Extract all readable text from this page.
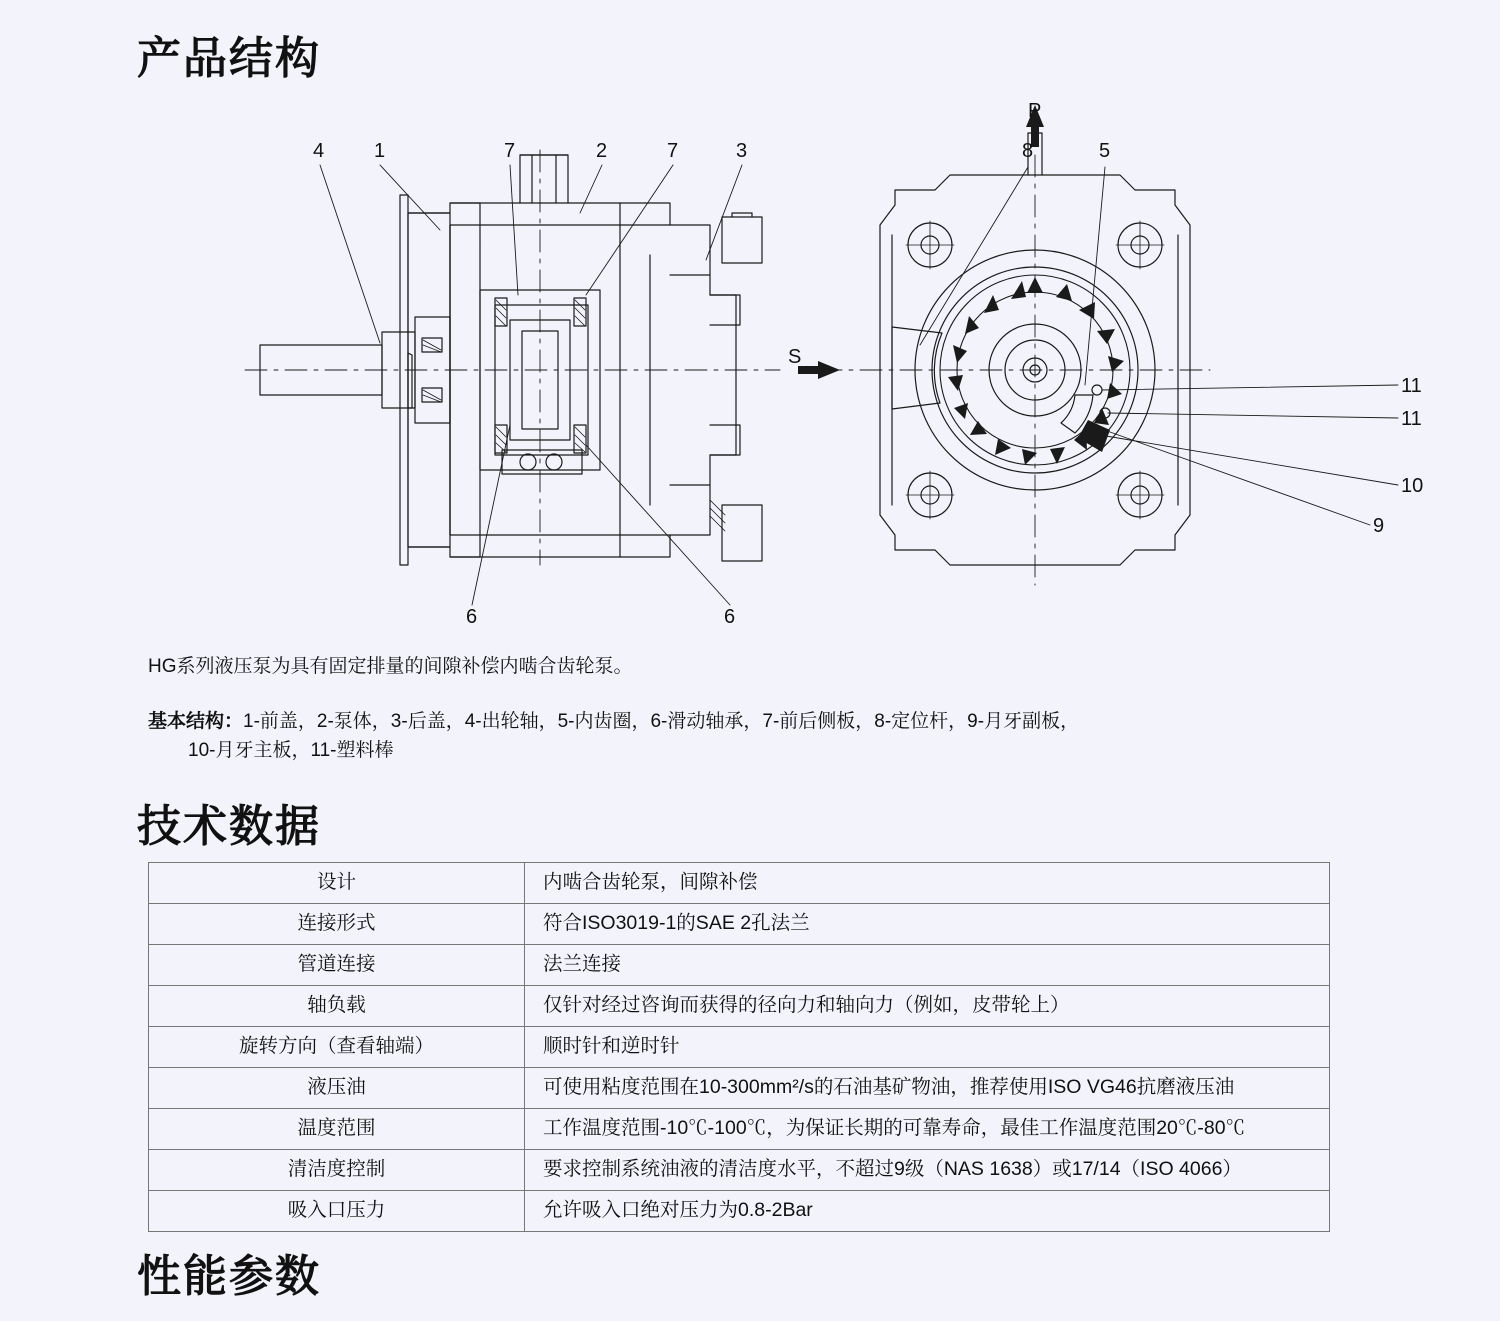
产品结构
4 1	7	2	7	3
6	6
8	5
11
11
10
9
P
S
HG系列液压泵为具有固定排量的间隙补偿内啮合齿轮泵。
基本结构：1-前盖，2-泵体，3-后盖，4-出轮轴，5-内齿圈，6-滑动轴承，7-前后侧板，8-定位杆，9-月牙副板，
10-月牙主板，11-塑料棒
技术数据
设计	内啮合齿轮泵，间隙补偿
连接形式	符合ISO3019-1的SAE 2孔法兰
管道连接	法兰连接
轴负载	仅针对经过咨询而获得的径向力和轴向力（例如，皮带轮上）
旋转方向（查看轴端）	顺时针和逆时针
液压油	可使用粘度范围在10-300mm²/s的石油基矿物油，推荐使用ISO VG46抗磨液压油
温度范围	工作温度范围-10℃-100℃，为保证长期的可靠寿命，最佳工作温度范围20℃-80℃
清洁度控制	要求控制系统油液的清洁度水平，不超过9级（NAS 1638）或17/14（ISO 4066）
吸入口压力	允许吸入口绝对压力为0.8-2Bar
性能参数
